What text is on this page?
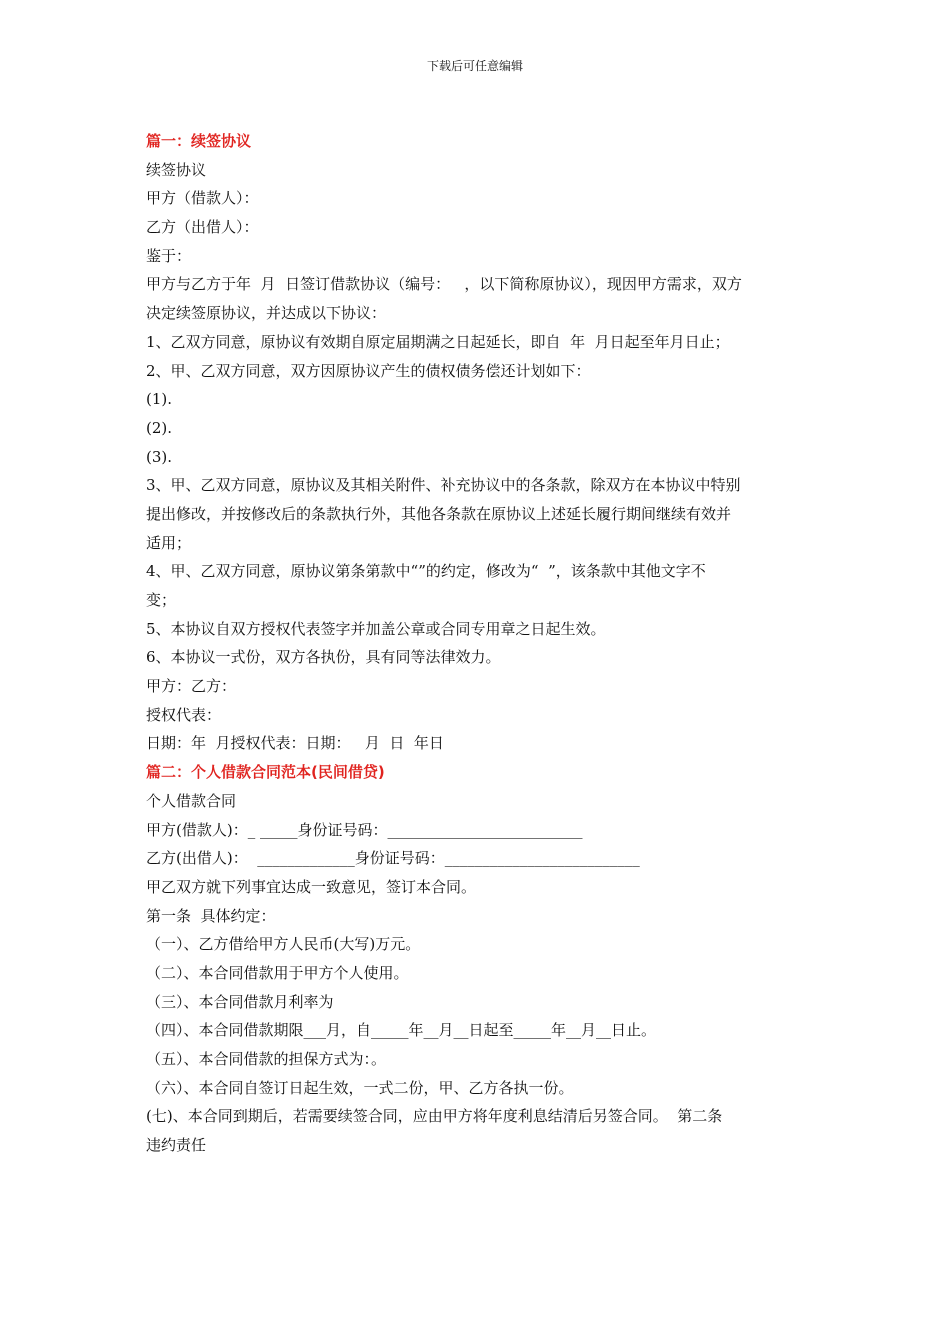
下载后可任意编辑
篇一：续签协议
续签协议
甲方（借款人）：
乙方（出借人）：
鉴于：
甲方与乙方于年  月  日签订借款协议（编号：   ，以下简称原协议），现因甲方需求，双方
决定续签原协议，并达成以下协议：
1、乙双方同意，原协议有效期自原定届期满之日起延长，即自  年  月日起至年月日止；
2、甲、乙双方同意，双方因原协议产生的债权债务偿还计划如下：
(1).
(2).
(3).
3、甲、乙双方同意，原协议及其相关附件、补充协议中的各条款，除双方在本协议中特别
提出修改，并按修改后的条款执行外，其他各条款在原协议上述延长履行期间继续有效并
适用；
4、甲、乙双方同意，原协议第条第款中“”的约定，修改为“  ”，该条款中其他文字不
变；
5、本协议自双方授权代表签字并加盖公章或合同专用章之日起生效。
6、本协议一式份，双方各执份，具有同等法律效力。
甲方：乙方：
授权代表：
日期：年  月授权代表：日期：   月  日  年日
篇二：个人借款合同范本(民间借贷)
个人借款合同
甲方(借款人)：_ _____身份证号码：__________________________
乙方(出借人)：  _____________身份证号码：__________________________
甲乙双方就下列事宜达成一致意见，签订本合同。
第一条  具体约定：
（一）、乙方借给甲方人民币(大写)万元。
（二）、本合同借款用于甲方个人使用。
（三）、本合同借款月利率为
（四）、本合同借款期限___月，自_____年__月__日起至_____年__月__日止。
（五）、本合同借款的担保方式为：。
（六）、本合同自签订日起生效，一式二份，甲、乙方各执一份。
(七)、本合同到期后，若需要续签合同，应由甲方将年度利息结清后另签合同。  第二条
违约责任
